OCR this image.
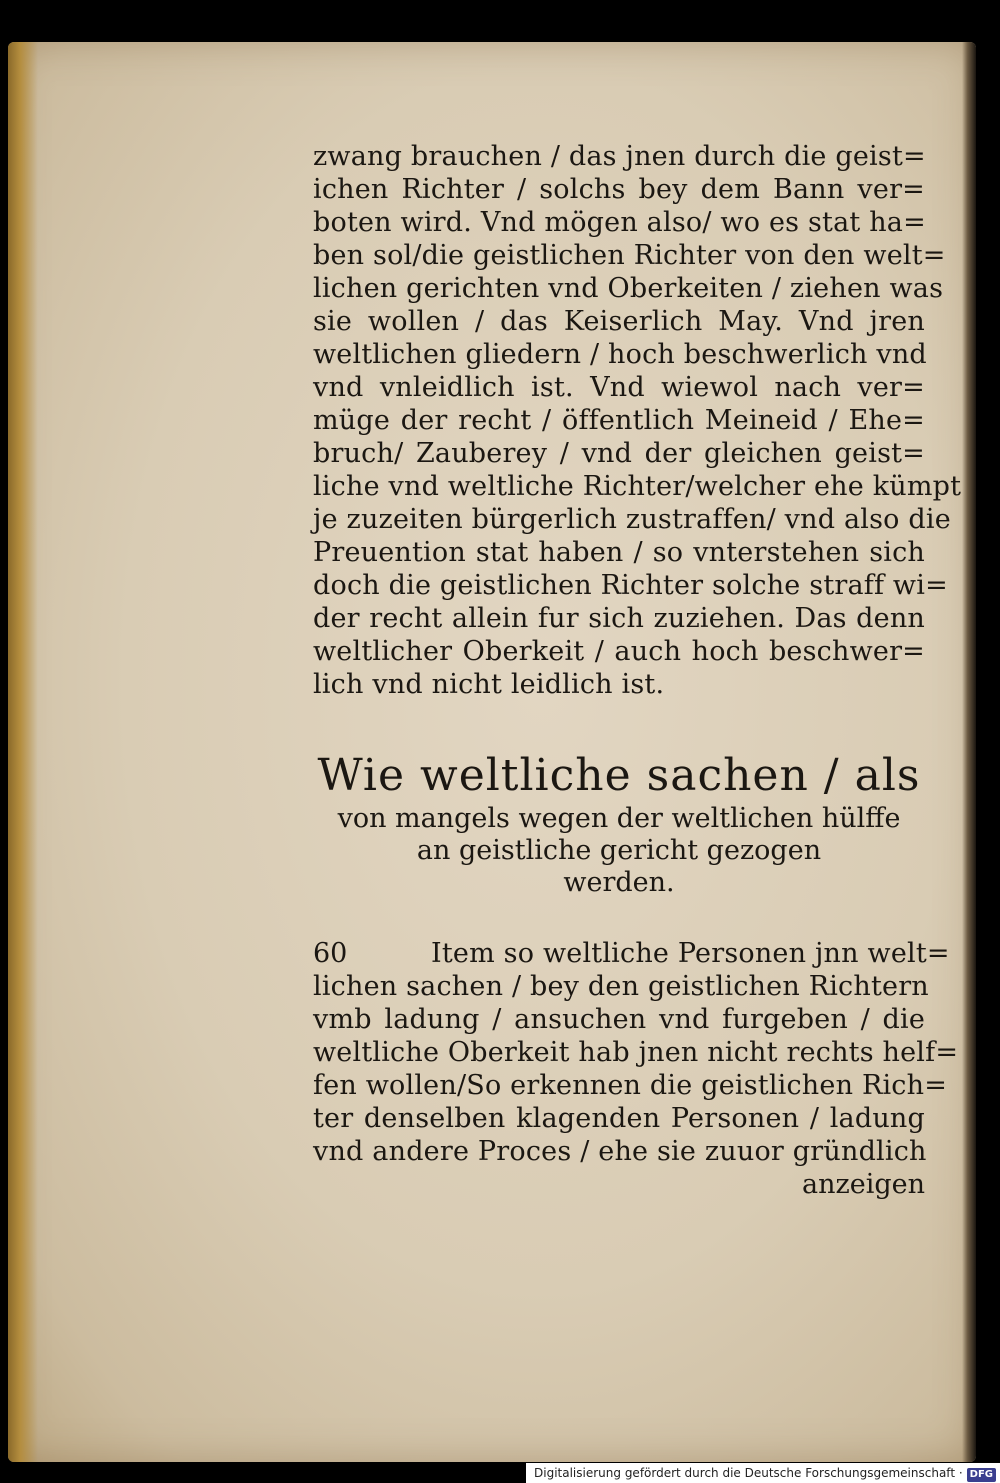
zwang brauchen / das jnen durch die geist=
ichen Richter / solchs bey dem Bann ver=
boten wird. Vnd mögen also/ wo es stat ha=
ben sol/die geistlichen Richter von den welt=
lichen gerichten vnd Oberkeiten / ziehen was
sie wollen / das Keiserlich May. Vnd jren
weltlichen gliedern / hoch beschwerlich vnd
vnd vnleidlich ist. Vnd wiewol nach ver=
müge der recht / öffentlich Meineid / Ehe=
bruch/ Zauberey / vnd der gleichen geist=
liche vnd weltliche Richter/welcher ehe kümpt
je zuzeiten bürgerlich zustraffen/ vnd also die
Preuention stat haben / so vnterstehen sich
doch die geistlichen Richter solche straff wi=
der recht allein fur sich zuziehen. Das denn
weltlicher Oberkeit / auch hoch beschwer=
lich vnd nicht leidlich ist.
Wie weltliche sachen / als
von mangels wegen der weltlichen hülffe
an geistliche gericht gezogen
werden.
60	Item so weltliche Personen jnn welt=
lichen sachen / bey den geistlichen Richtern
vmb ladung / ansuchen vnd furgeben / die
weltliche Oberkeit hab jnen nicht rechts helf=
fen wollen/So erkennen die geistlichen Rich=
ter denselben klagenden Personen / ladung
vnd andere Proces / ehe sie zuuor gründlich
anzeigen
Digitalisierung gefördert durch die Deutsche Forschungsgemeinschaft · DFG
